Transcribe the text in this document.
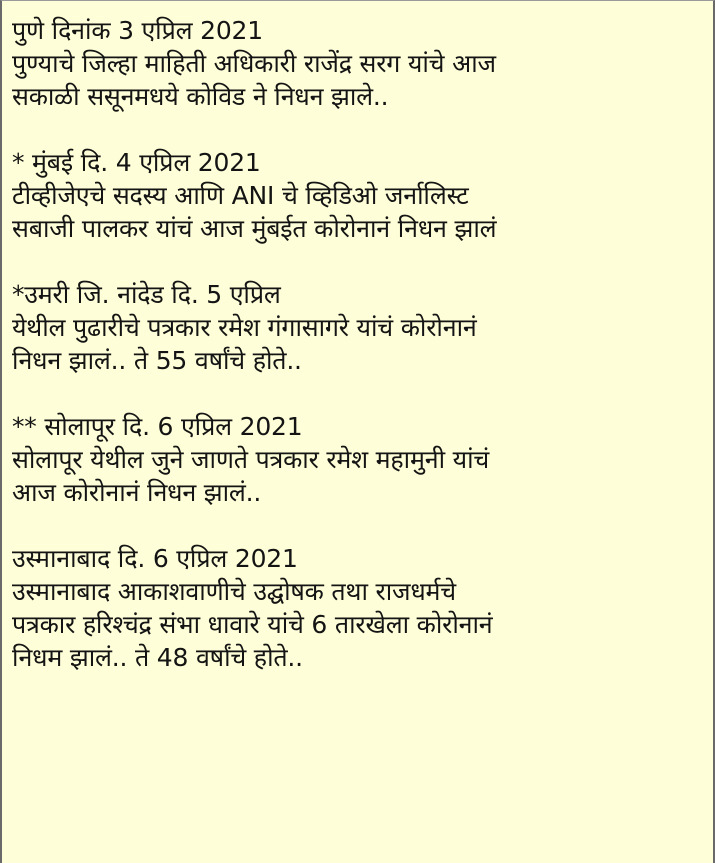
पुणे दिनांक 3 एप्रिल 2021
पुण्याचे जिल्हा माहिती अधिकारी राजेंद्र सरग यांचे आज
सकाळी ससूनमधये कोविड ने निधन झाले..
* मुंबई दि. 4 एप्रिल 2021
टीव्हीजेएचे सदस्य आणि ANI चे व्हिडिओ जर्नालिस्ट
सबाजी पालकर यांचं आज मुंबईत कोरोनानं निधन झालं
*उमरी जि. नांदेड दि. 5 एप्रिल
येथील पुढारीचे पत्रकार रमेश गंगासागरे यांचं कोरोनानं
निधन झालं.. ते 55 वर्षांचे होते..
** सोलापूर दि. 6 एप्रिल 2021
सोलापूर येथील जुने जाणते पत्रकार रमेश महामुनी यांचं
आज कोरोनानं निधन झालं..
उस्मानाबाद दि. 6 एप्रिल 2021
उस्मानाबाद आकाशवाणीचे उद्घोषक तथा राजधर्मचे
पत्रकार हरिश्चंद्र संभा धावारे यांचे 6 तारखेला कोरोनानं
निधम झालं.. ते 48 वर्षांचे होते..
